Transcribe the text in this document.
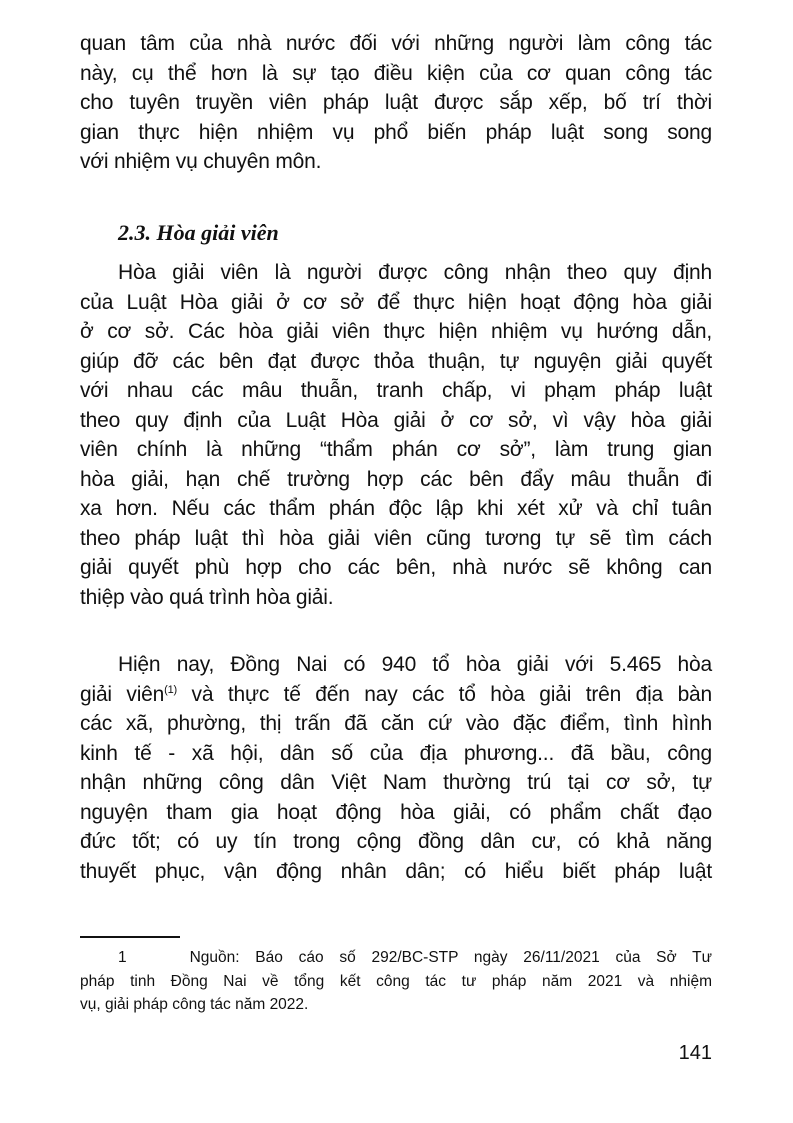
quan tâm của nhà nước đối với những người làm công tác
này, cụ thể hơn là sự tạo điều kiện của cơ quan công tác
cho tuyên truyền viên pháp luật được sắp xếp, bố trí thời
gian thực hiện nhiệm vụ phổ biến pháp luật song song
với nhiệm vụ chuyên môn.
2.3. Hòa giải viên
Hòa giải viên là người được công nhận theo quy định
của Luật Hòa giải ở cơ sở để thực hiện hoạt động hòa giải
ở cơ sở. Các hòa giải viên thực hiện nhiệm vụ hướng dẫn,
giúp đỡ các bên đạt được thỏa thuận, tự nguyện giải quyết
với nhau các mâu thuẫn, tranh chấp, vi phạm pháp luật
theo quy định của Luật Hòa giải ở cơ sở, vì vậy hòa giải
viên chính là những “thẩm phán cơ sở”, làm trung gian
hòa giải, hạn chế trường hợp các bên đẩy mâu thuẫn đi
xa hơn. Nếu các thẩm phán độc lập khi xét xử và chỉ tuân
theo pháp luật thì hòa giải viên cũng tương tự sẽ tìm cách
giải quyết phù hợp cho các bên, nhà nước sẽ không can
thiệp vào quá trình hòa giải.
Hiện nay, Đồng Nai có 940 tổ hòa giải với 5.465 hòa
giải viên$^{(1)}$ và thực tế đến nay các tổ hòa giải trên địa bàn
các xã, phường, thị trấn đã căn cứ vào đặc điểm, tình hình
kinh tế - xã hội, dân số của địa phương... đã bầu, công
nhận những công dân Việt Nam thường trú tại cơ sở, tự
nguyện tham gia hoạt động hòa giải, có phẩm chất đạo
đức tốt; có uy tín trong cộng đồng dân cư, có khả năng
thuyết phục, vận động nhân dân; có hiểu biết pháp luật
1    Nguồn: Báo cáo số 292/BC-STP ngày 26/11/2021 của Sở Tư
pháp tinh Đồng Nai về tổng kết công tác tư pháp năm 2021 và nhiệm
vụ, giải pháp công tác năm 2022.
141
